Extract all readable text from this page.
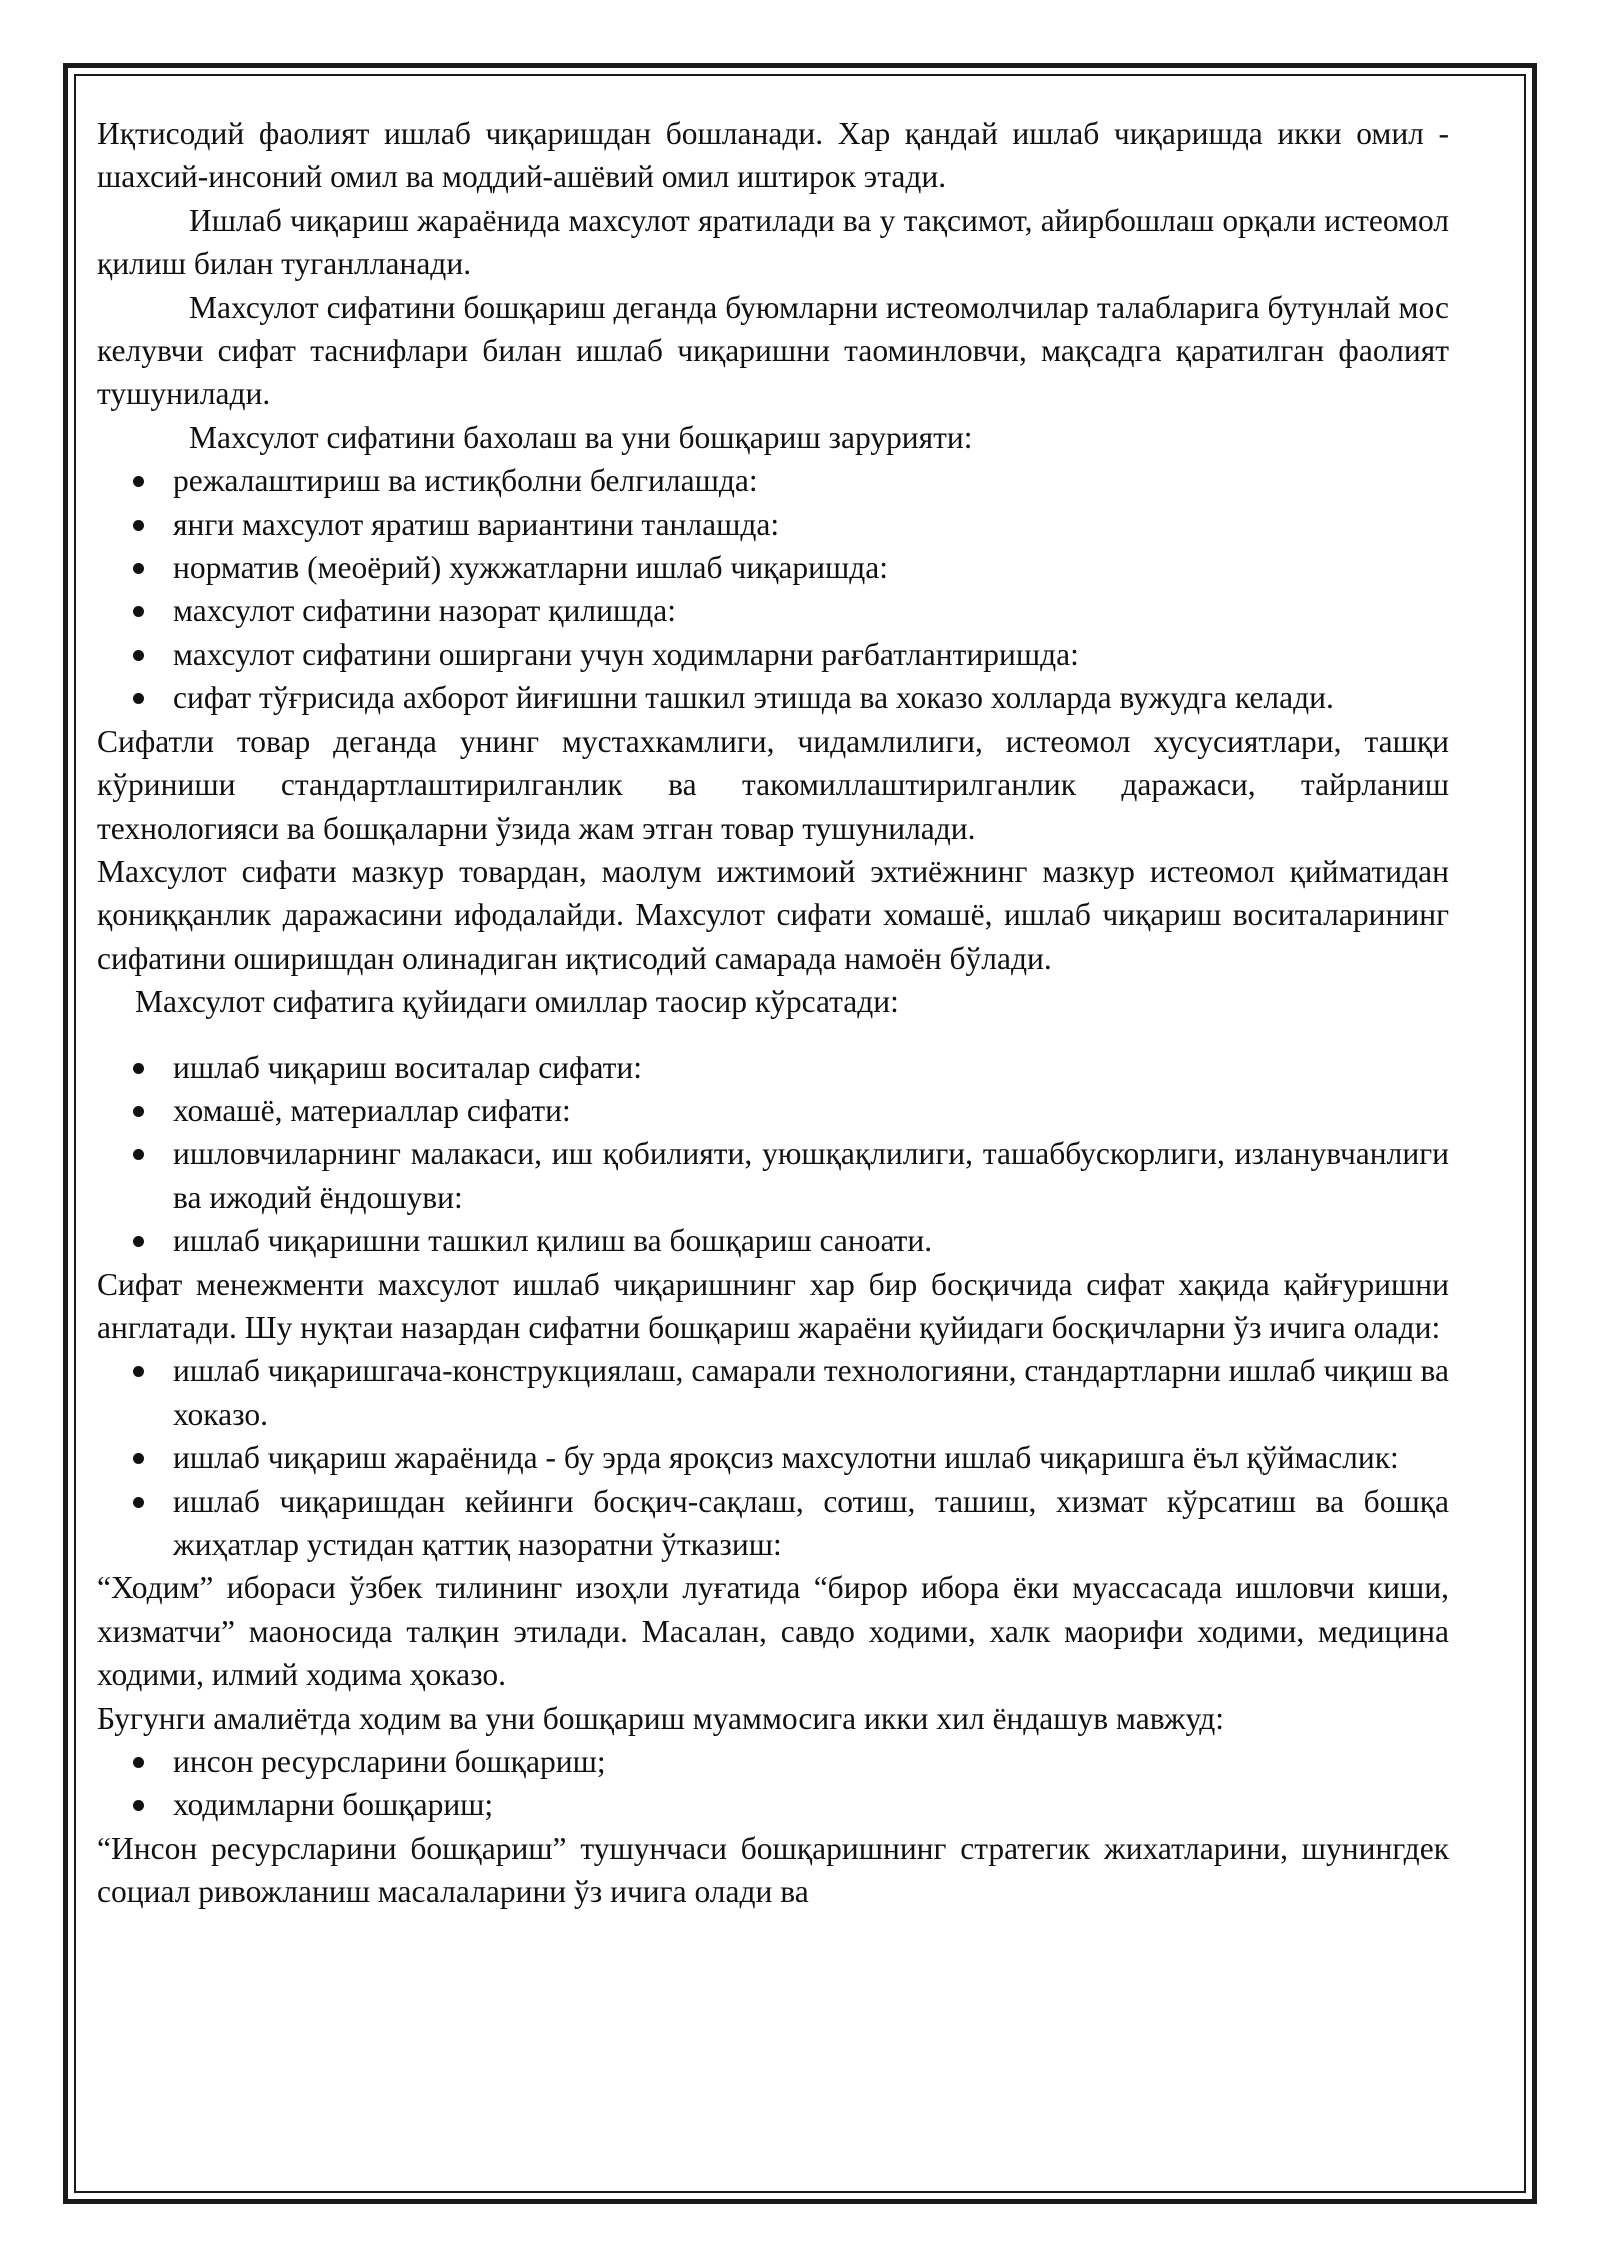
Иқтисодий фаолият ишлаб чиқаришдан бошланади. Хар қандай ишлаб чиқаришда икки омил - шахсий-инсоний омил ва моддий-ашёвий омил иштирок этади.

Ишлаб чиқариш жараёнида махсулот яратилади ва у тақсимот, айирбошлаш орқали истеомол қилиш билан туганлланади.

Махсулот сифатини бошқариш деганда буюмларни истеомолчилар талабларига бутунлай мос келувчи сифат таснифлари билан ишлаб чиқаришни таоминловчи, мақсадга қаратилган фаолият тушунилади.

Махсулот сифатини бахолаш ва уни бошқариш зарурияти:

режалаштириш ва истиқболни белгилашда:
янги махсулот яратиш вариантини танлашда:
норматив (меоёрий) хужжатларни ишлаб чиқаришда:
махсулот сифатини назорат қилишда:
махсулот сифатини оширгани учун ходимларни рағбатлантиришда:
сифат тўғрисида ахборот йиғишни ташкил этишда ва хоказо холларда вужудга келади.

Сифатли товар деганда унинг мустахкамлиги, чидамлилиги, истеомол хусусиятлари, ташқи кўриниши стандартлаштирилганлик ва такомиллаштирилганлик даражаси, тайрланиш технологияси ва бошқаларни ўзида жам этган товар тушунилади.

Махсулот сифати мазкур товардан, маолум ижтимоий эхтиёжнинг мазкур истеомол қийматидан қониққанлик даражасини ифодалайди. Махсулот сифати хомашё, ишлаб чиқариш воситаларининг сифатини оширишдан олинадиган иқтисодий самарада намоён бўлади.

Махсулот сифатига қуйидаги омиллар таосир кўрсатади:

ишлаб чиқариш воситалар сифати:
хомашё, материаллар сифати:
ишловчиларнинг малакаси, иш қобилияти, уюшқақлилиги, ташаббускорлиги, изланувчанлиги ва ижодий ёндошуви:
ишлаб чиқаришни ташкил қилиш ва бошқариш саноати.

Сифат менежменти махсулот ишлаб чиқаришнинг хар бир босқичида сифат хақида қайғуришни англатади. Шу нуқтаи назардан сифатни бошқариш жараёни қуйидаги босқичларни ўз ичига олади:

ишлаб чиқаришгача-конструкциялаш, самарали технологияни, стандартларни ишлаб чиқиш ва хоказо.
ишлаб чиқариш жараёнида - бу эрда яроқсиз махсулотни ишлаб чиқаришга ёъл қўймаслик:
ишлаб чиқаришдан кейинги босқич-сақлаш, сотиш, ташиш, хизмат кўрсатиш ва бошқа жиҳатлар устидан қаттиқ назоратни ўтказиш:

“Ходим” ибораси ўзбек тилининг изоҳли луғатида “бирор ибора ёки муассасада ишловчи киши, хизматчи” маоносида талқин этилади. Масалан, савдо ходими, халк маорифи ходими, медицина ходими, илмий ходима ҳоказо.

Бугунги амалиётда ходим ва уни бошқариш муаммосига икки хил ёндашув мавжуд:

инсон ресурсларини бошқариш;
ходимларни бошқариш;

“Инсон ресурсларини бошқариш” тушунчаси бошқаришнинг стратегик жихатларини, шунингдек социал ривожланиш масалаларини ўз ичига олади ва
